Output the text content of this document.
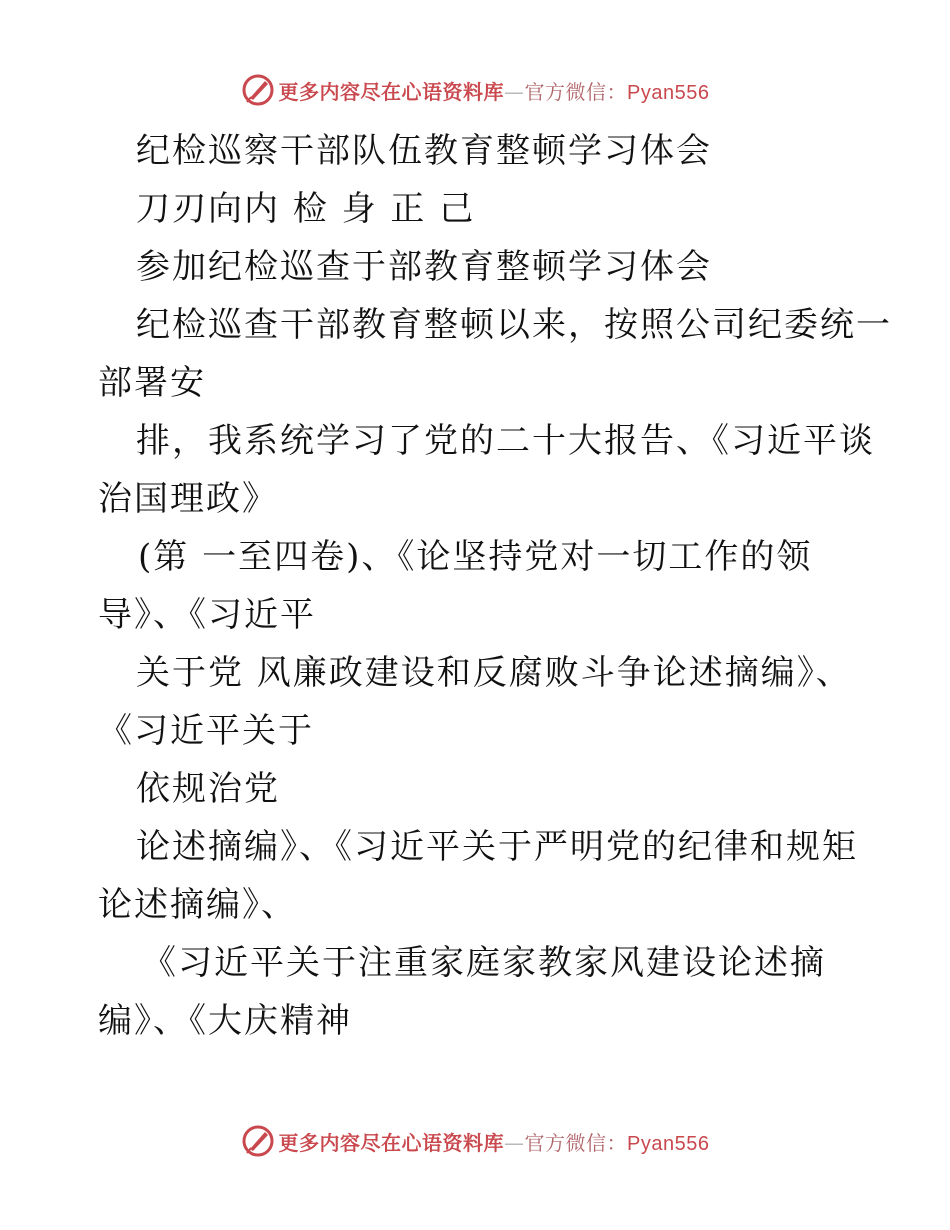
更多内容尽在心语资料库—官方微信：Pyan556
纪检巡察干部队伍教育整顿学习体会
刀刃向内 检 身 正 己
参加纪检巡查于部教育整顿学习体会
纪检巡查干部教育整顿以来，按照公司纪委统一
部署安
排，我系统学习了党的二十大报告、《习近平谈
治国理政》
(第 一至四卷)、《论坚持党对一切工作的领
导》、《习近平
关于党 风廉政建设和反腐败斗争论述摘编》、
《习近平关于
依规治党
论述摘编》、《习近平关于严明党的纪律和规矩
论述摘编》、
《习近平关于注重家庭家教家风建设论述摘
编》、《大庆精神
更多内容尽在心语资料库—官方微信：Pyan556
